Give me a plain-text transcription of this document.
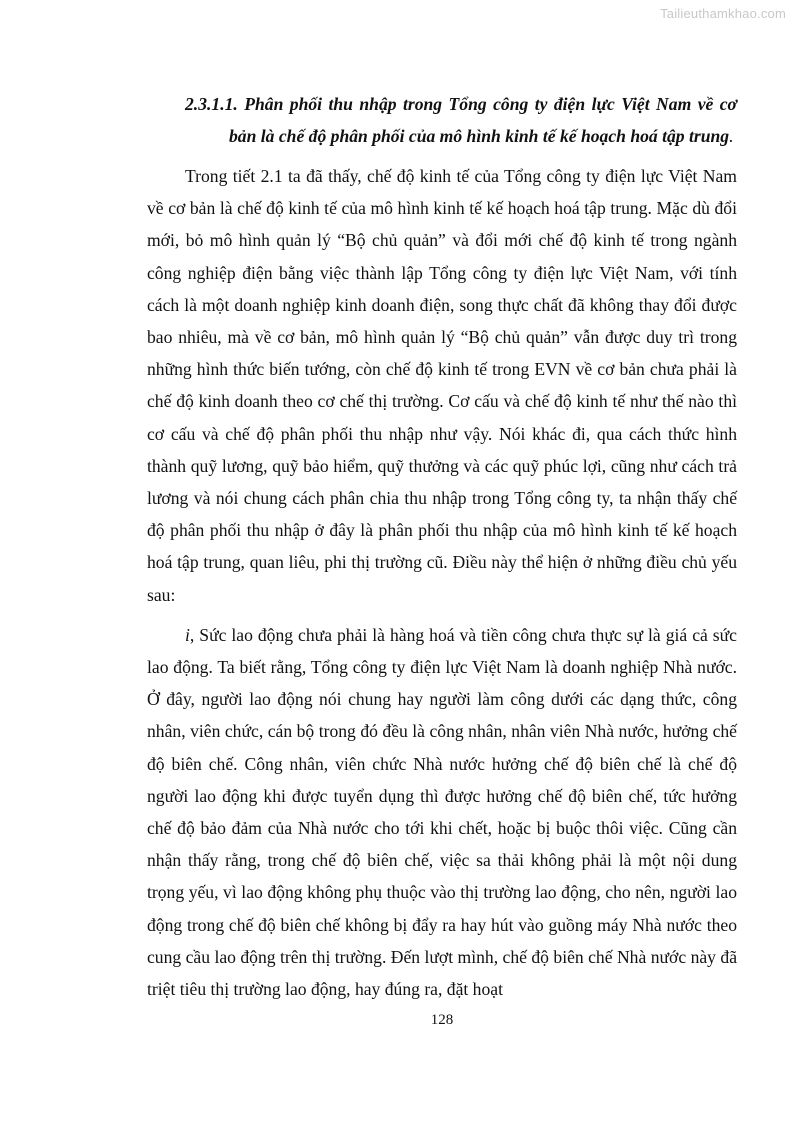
Tailieuthamkhao.com

2.3.1.1. Phân phối thu nhập trong Tổng công ty điện lực Việt Nam về cơ bản là chế độ phân phối của mô hình kinh tế kế hoạch hoá tập trung.

Trong tiết 2.1 ta đã thấy, chế độ kinh tế của Tổng công ty điện lực Việt Nam về cơ bản là chế độ kinh tế của mô hình kinh tế kế hoạch hoá tập trung. Mặc dù đổi mới, bỏ mô hình quản lý “Bộ chủ quản” và đổi mới chế độ kinh tế trong ngành công nghiệp điện bằng việc thành lập Tổng công ty điện lực Việt Nam, với tính cách là một doanh nghiệp kinh doanh điện, song thực chất đã không thay đổi được bao nhiêu, mà về cơ bản, mô hình quản lý “Bộ chủ quản” vẫn được duy trì trong những hình thức biến tướng, còn chế độ kinh tế trong EVN về cơ bản chưa phải là chế độ kinh doanh theo cơ chế thị trường. Cơ cấu và chế độ kinh tế như thế nào thì cơ cấu và chế độ phân phối thu nhập như vậy. Nói khác đi, qua cách thức hình thành quỹ lương, quỹ bảo hiểm, quỹ thưởng và các quỹ phúc lợi, cũng như cách trả lương và nói chung cách phân chia thu nhập trong Tổng công ty, ta nhận thấy chế độ phân phối thu nhập ở đây là phân phối thu nhập của mô hình kinh tế kế hoạch hoá tập trung, quan liêu, phi thị trường cũ. Điều này thể hiện ở những điều chủ yếu sau:

i, Sức lao động chưa phải là hàng hoá và tiền công chưa thực sự là giá cả sức lao động. Ta biết rằng, Tổng công ty điện lực Việt Nam là doanh nghiệp Nhà nước. Ở đây, người lao động nói chung hay người làm công dưới các dạng thức, công nhân, viên chức, cán bộ trong đó đều là công nhân, nhân viên Nhà nước, hưởng chế độ biên chế. Công nhân, viên chức Nhà nước hưởng chế độ biên chế là chế độ người lao động khi được tuyển dụng thì được hưởng chế độ biên chế, tức hưởng chế độ bảo đảm của Nhà nước cho tới khi chết, hoặc bị buộc thôi việc. Cũng cần nhận thấy rằng, trong chế độ biên chế, việc sa thải không phải là một nội dung trọng yếu, vì lao động không phụ thuộc vào thị trường lao động, cho nên, người lao động trong chế độ biên chế không bị đẩy ra hay hút vào guồng máy Nhà nước theo cung cầu lao động trên thị trường. Đến lượt mình, chế độ biên chế Nhà nước này đã triệt tiêu thị trường lao động, hay đúng ra, đặt hoạt

128
